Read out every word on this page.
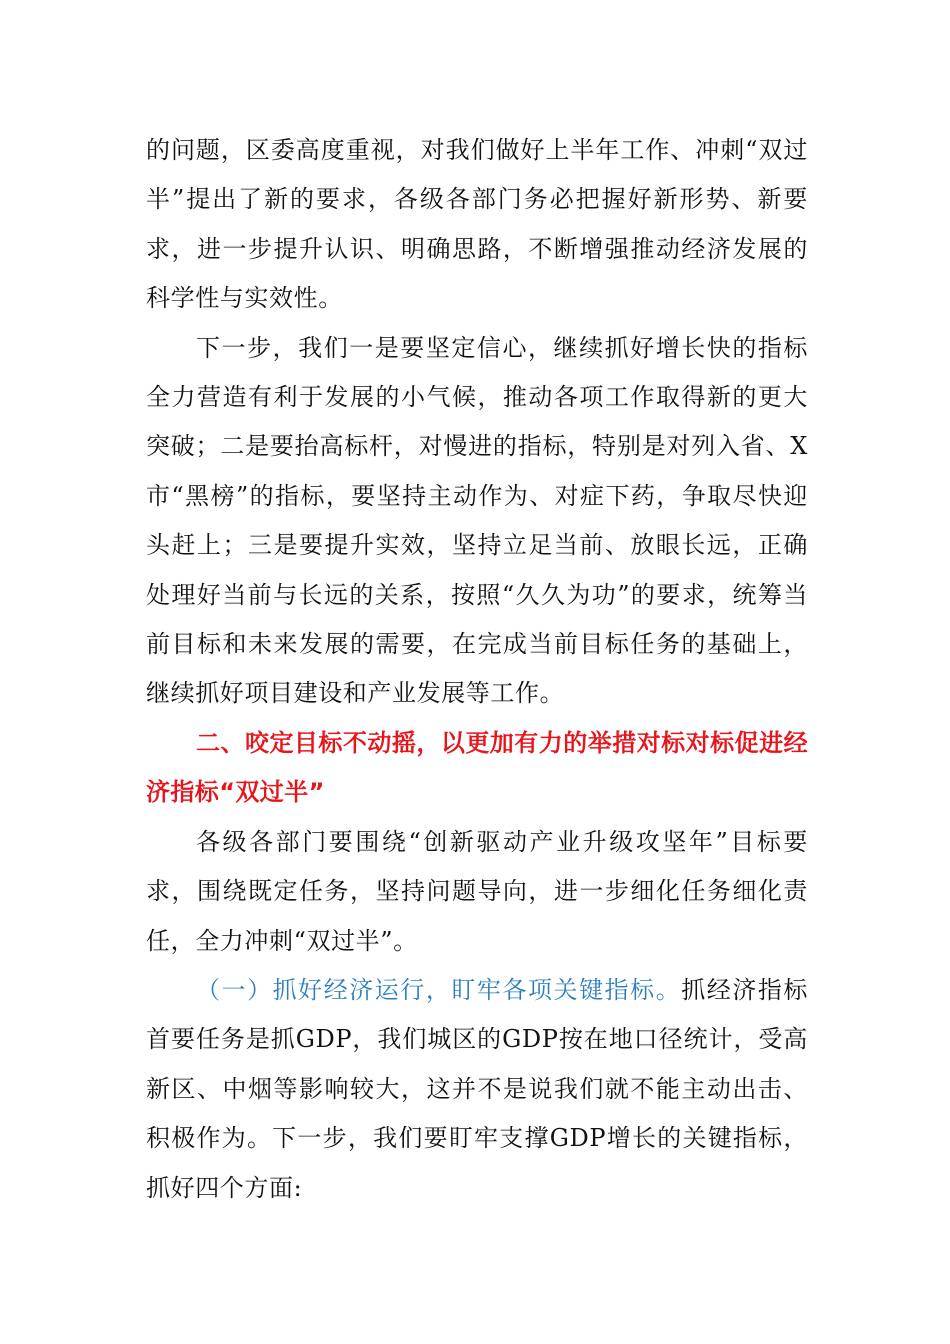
的问题，区委高度重视，对我们做好上半年工作、冲刺“双过半”提出了新的要求，各级各部门务必把握好新形势、新要求，进一步提升认识、明确思路，不断增强推动经济发展的科学性与实效性。

下一步，我们一是要坚定信心，继续抓好增长快的指标全力营造有利于发展的小气候，推动各项工作取得新的更大突破；二是要抬高标杆，对慢进的指标，特别是对列入省、X市“黑榜”的指标，要坚持主动作为、对症下药，争取尽快迎头赶上；三是要提升实效，坚持立足当前、放眼长远，正确处理好当前与长远的关系，按照“久久为功”的要求，统筹当前目标和未来发展的需要，在完成当前目标任务的基础上，继续抓好项目建设和产业发展等工作。

二、咬定目标不动摇，以更加有力的举措对标对标促进经济指标“双过半”

各级各部门要围绕“创新驱动产业升级攻坚年”目标要求，围绕既定任务，坚持问题导向，进一步细化任务细化责任，全力冲刺“双过半”。

（一）抓好经济运行，盯牢各项关键指标。抓经济指标首要任务是抓GDP，我们城区的GDP按在地口径统计，受高新区、中烟等影响较大，这并不是说我们就不能主动出击、积极作为。下一步，我们要盯牢支撑GDP增长的关键指标，抓好四个方面:
